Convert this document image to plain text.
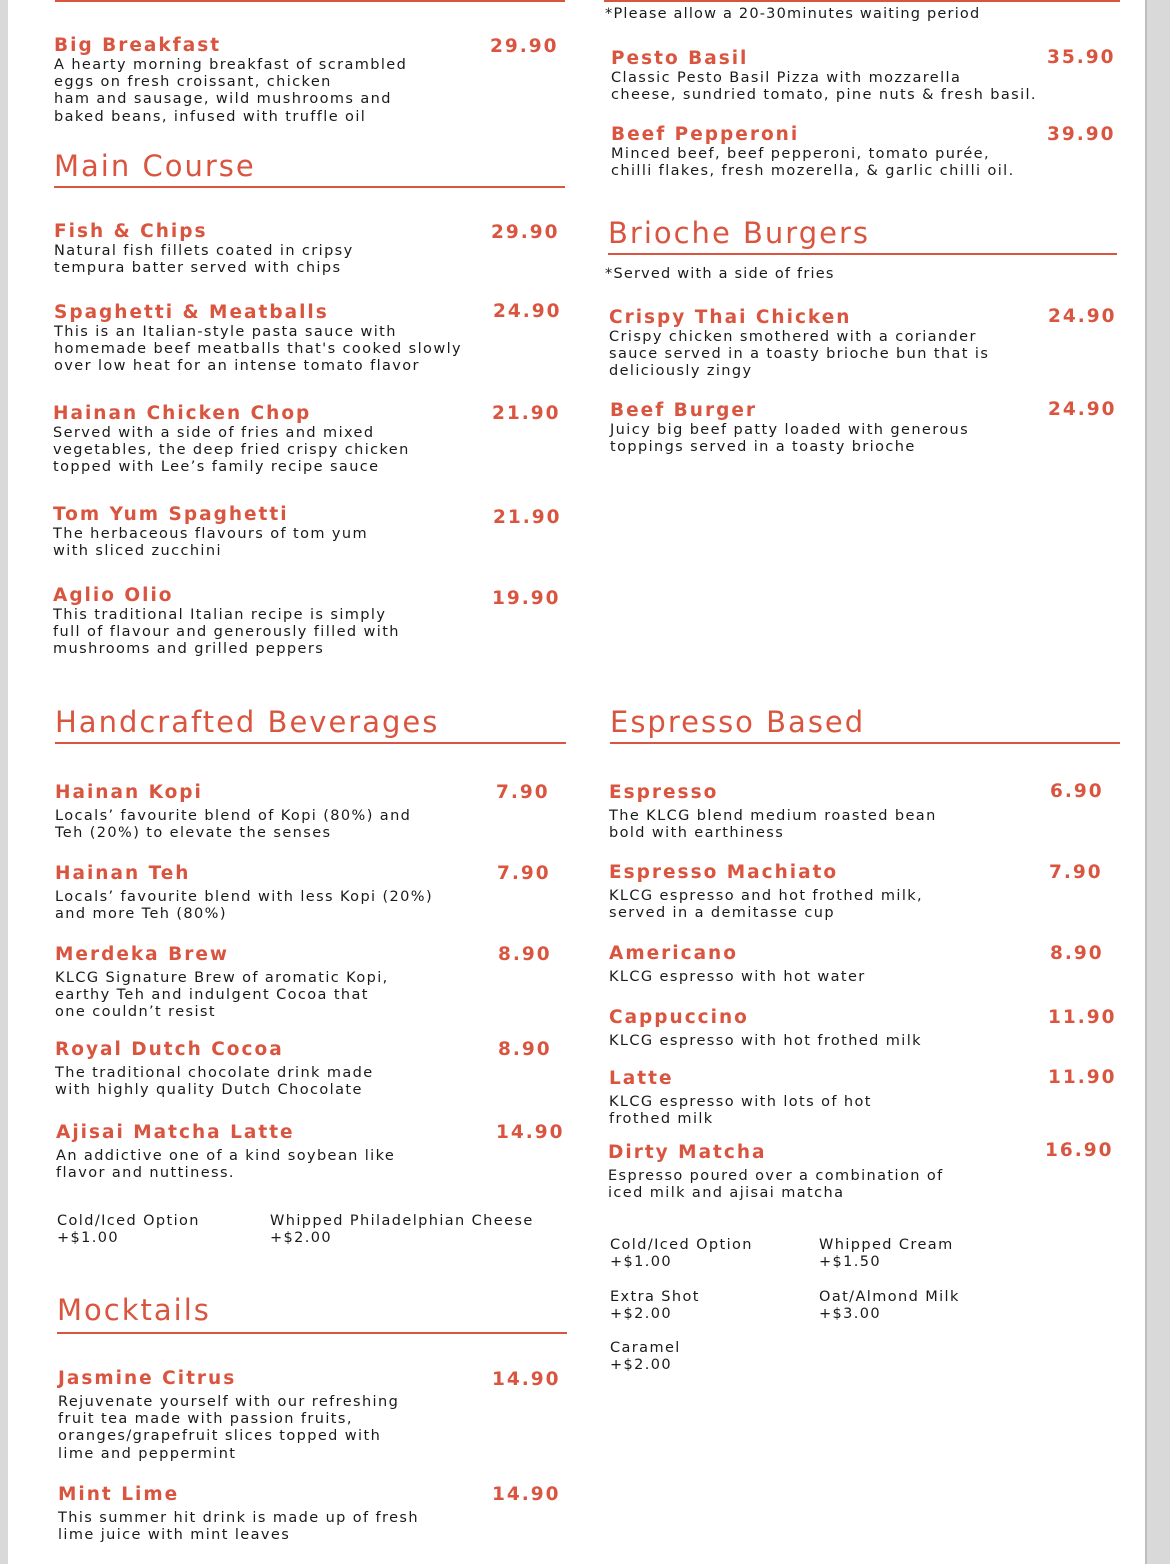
*Please allow a 20-30minutes waiting period
Big Breakfast
A hearty morning breakfast of scrambled
eggs on fresh croissant, chicken
ham and sausage, wild mushrooms and
baked beans, infused with truffle oil
29.90
Main Course
Fish & Chips
Natural fish fillets coated in cripsy
tempura batter served with chips
29.90
Spaghetti & Meatballs
This is an Italian-style pasta sauce with
homemade beef meatballs that's cooked slowly
over low heat for an intense tomato flavor
24.90
Hainan Chicken Chop
Served with a side of fries and mixed
vegetables, the deep fried crispy chicken
topped with Lee’s family recipe sauce
21.90
Tom Yum Spaghetti
The herbaceous flavours of tom yum
with sliced zucchini
21.90
Aglio Olio
This traditional Italian recipe is simply
full of flavour and generously filled with
mushrooms and grilled peppers
19.90
Pesto Basil
Classic Pesto Basil Pizza with mozzarella
cheese, sundried tomato, pine nuts & fresh basil.
35.90
Beef Pepperoni
Minced beef, beef pepperoni, tomato purée,
chilli flakes, fresh mozerella, & garlic chilli oil.
39.90
Brioche Burgers
*Served with a side of fries
Crispy Thai Chicken
Crispy chicken smothered with a coriander
sauce served in a toasty brioche bun that is
deliciously zingy
24.90
Beef Burger
Juicy big beef patty loaded with generous
toppings served in a toasty brioche
24.90
Handcrafted Beverages
Hainan Kopi
Locals’ favourite blend of Kopi (80%) and
Teh (20%) to elevate the senses
7.90
Hainan Teh
Locals’ favourite blend with less Kopi (20%)
and more Teh (80%)
7.90
Merdeka Brew
KLCG Signature Brew of aromatic Kopi,
earthy Teh and indulgent Cocoa that
one couldn’t resist
8.90
Royal Dutch Cocoa
The traditional chocolate drink made
with highly quality Dutch Chocolate
8.90
Ajisai Matcha Latte
An addictive one of a kind soybean like
flavor and nuttiness.
14.90
Cold/Iced Option
+$1.00
Whipped Philadelphian Cheese
+$2.00
Espresso Based
Espresso
The KLCG blend medium roasted bean
bold with earthiness
6.90
Espresso Machiato
KLCG espresso and hot frothed milk,
served in a demitasse cup
7.90
Americano
KLCG espresso with hot water
8.90
Cappuccino
KLCG espresso with hot frothed milk
11.90
Latte
KLCG espresso with lots of hot
frothed milk
11.90
Dirty Matcha
Espresso poured over a combination of
iced milk and ajisai matcha
16.90
Cold/Iced Option
+$1.00
Whipped Cream
+$1.50
Extra Shot
+$2.00
Oat/Almond Milk
+$3.00
Caramel
+$2.00
Mocktails
Jasmine Citrus
Rejuvenate yourself with our refreshing
fruit tea made with passion fruits,
oranges/grapefruit slices topped with
lime and peppermint
14.90
Mint Lime
This summer hit drink is made up of fresh
lime juice with mint leaves
14.90
